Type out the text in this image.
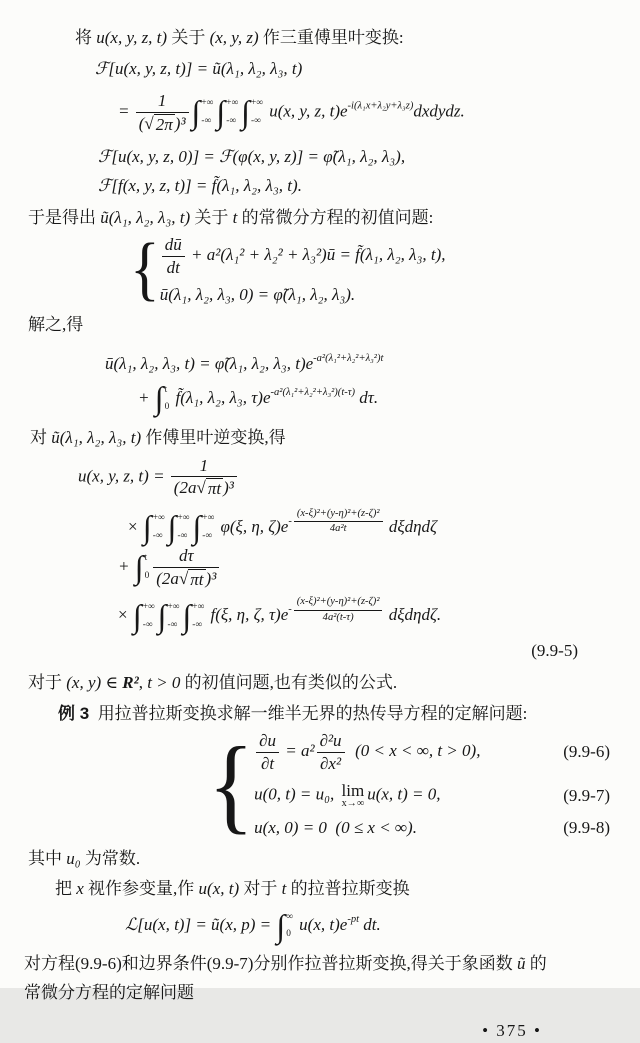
将 u(x, y, z, t) 关于 (x, y, z) 作三重傅里叶变换:
ℱ[u(x, y, z, t)] = ũ(λ₁, λ₂, λ₃, t)
= $\frac{1}{\text{( √ 2π )³}}$ ∫ +∞
-∞ ∫ +∞
-∞ ∫ +∞
-∞
u(x, y, z, $t)e^{-i(\lambda_1x+\lambda_2y+\lambda_3z)}dxdydz$.
ℱ[u(x, y, z, 0)] = ℱ(φ(x, y, z)] = φ̃(λ₁, λ₂, λ₃),
ℱ[f(x, y, z, t)] = f̃(λ₁, λ₂, λ₃, t).
于是得出 ũ(λ₁, λ₂, λ₃, t) 关于 t 的常微分方程的初值问题:
{ $\frac{dū}{dt} + a^2(\lambda_1^2 + \lambda_2^2$ + λ₃²)ū = f̃(λ₁, λ₂, λ₃, t),
ū(λ₁, λ₂, λ₃, 0) = φ̃(λ₁, λ₂, λ₃).
解之,得
ū(λ₁, λ₂, λ₃, t) = φ̃(λ₁, λ₂, λ₃, $t)e^{-a^2(\lambda_1^2+\lambda_2^2+\lambda_3^2)t}$
+ ∫ t
0
f̃(λ₁, λ₂, λ₃, $\tau)e^{-a^2(\lambda_1^2+\lambda_2^2+\lambda_3^2)(t-\tau)}$ dτ.
对 ũ(λ₁, λ₂, λ₃, t) 作傅里叶逆变换,得
u(x, y, z, $t) = \frac{1}{\text{(2a √ πt )³}}$
× ∫ +∞
-∞ ∫ +∞
-∞ ∫ +∞
-∞
φ(ξ, η, $\zeta)e^{- \frac{\text{(x-ξ)²+(y-η)²+(z-ζ)²}}{\text{4a²t}}}$ dξdηdζ
+ ∫ t
$0 \frac{d\tau}{\text{(2a √ πt )³}}$
× ∫ +∞
-∞ ∫ +∞
-∞ ∫ +∞
-∞
f(ξ, η, ζ, $\tau)e^{- \frac{\text{(x-ξ)²+(y-η)²+(z-ζ)²}}{\text{4a²(t-τ)}}}$ dξdηdζ.
(9.9-5)
对于 (x, y) ∈ R², t > 0 的初值问题,也有类似的公式.
例 3  用拉普拉斯变换求解一维半无界的热传导方程的定解问题:
{ $\frac{\partial u}{\partial t} = a^2 \frac{\text{∂²u}}{\text{∂x²}} (0 < x$ < ∞, t > 0),	(9.9-6)
u(0, t) = u₀, lim
x→∞ u(x, t) = 0,	(9.9-7)
u(x, 0) = 0  (0 ≤ x < ∞).	(9.9-8)
其中 u₀ 为常数.
把 x 视作参变量,作 u(x, t) 对于 t 的拉普拉斯变换
ℒ[u(x, t)] = ũ(x, p) = ∫ ∞
0
u(x, $t)e^{-pt}$ dt.
对方程(9.9-6)和边界条件(9.9-7)分别作拉普拉斯变换,得关于象函数 ũ 的
常微分方程的定解问题
• 375 •
